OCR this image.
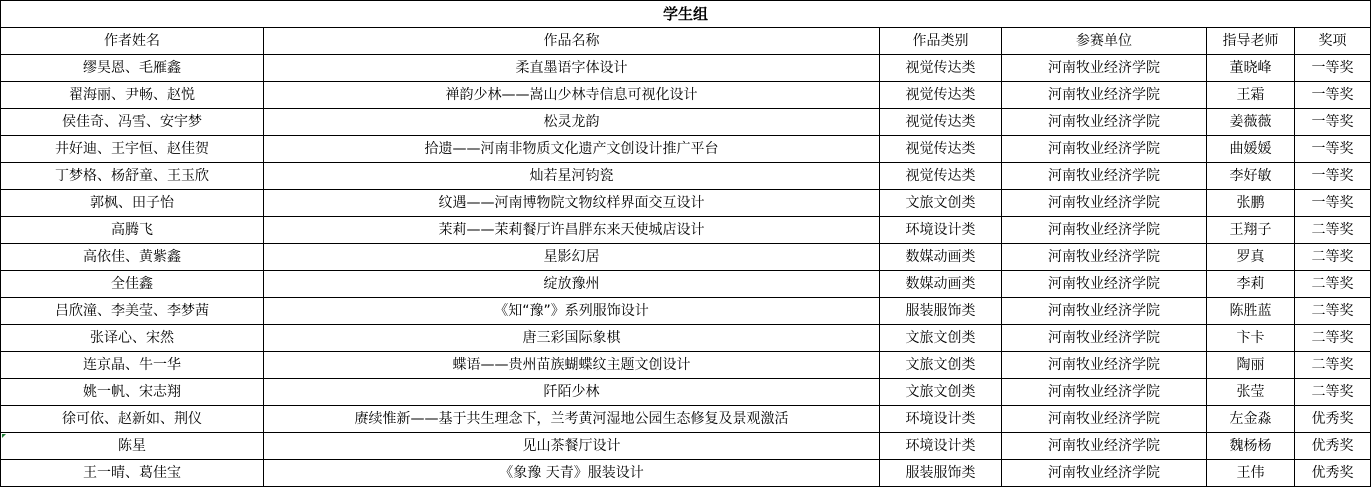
学生组					
作者姓名	作品名称	作品类别	参赛单位	指导老师	奖项
缪昊恩、毛雁鑫	柔直墨语字体设计	视觉传达类	河南牧业经济学院	董晓峰	一等奖
翟海丽、尹畅、赵悦	禅韵少林——嵩山少林寺信息可视化设计	视觉传达类	河南牧业经济学院	王霜	一等奖
侯佳奇、冯雪、安宇梦	松灵龙韵	视觉传达类	河南牧业经济学院	姜薇薇	一等奖
井好迪、王宇恒、赵佳贺	拾遗——河南非物质文化遗产文创设计推广平台	视觉传达类	河南牧业经济学院	曲媛媛	一等奖
丁梦格、杨舒童、王玉欣	灿若星河钧瓷	视觉传达类	河南牧业经济学院	李好敏	一等奖
郭枫、田子怡	纹遇——河南博物院文物纹样界面交互设计	文旅文创类	河南牧业经济学院	张鹏	一等奖
高腾飞	茉莉——茉莉餐厅许昌胖东来天使城店设计	环境设计类	河南牧业经济学院	王翔子	二等奖
高依佳、黄紫鑫	星影幻居	数媒动画类	河南牧业经济学院	罗真	二等奖
全佳鑫	绽放豫州	数媒动画类	河南牧业经济学院	李莉	二等奖
吕欣潼、李美莹、李梦茜	《知“豫”》系列服饰设计	服装服饰类	河南牧业经济学院	陈胜蓝	二等奖
张译心、宋然	唐三彩国际象棋	文旅文创类	河南牧业经济学院	卞卡	二等奖
连京晶、牛一华	蝶语——贵州苗族蝴蝶纹主题文创设计	文旅文创类	河南牧业经济学院	陶丽	二等奖
姚一帆、宋志翔	阡陌少林	文旅文创类	河南牧业经济学院	张莹	二等奖
徐可依、赵新如、荆仪	赓续惟新——基于共生理念下，兰考黄河湿地公园生态修复及景观激活	环境设计类	河南牧业经济学院	左金淼	优秀奖
陈星	见山茶餐厅设计	环境设计类	河南牧业经济学院	魏杨杨	优秀奖
王一晴、葛佳宝	《象豫 天青》服装设计	服装服饰类	河南牧业经济学院	王伟	优秀奖
